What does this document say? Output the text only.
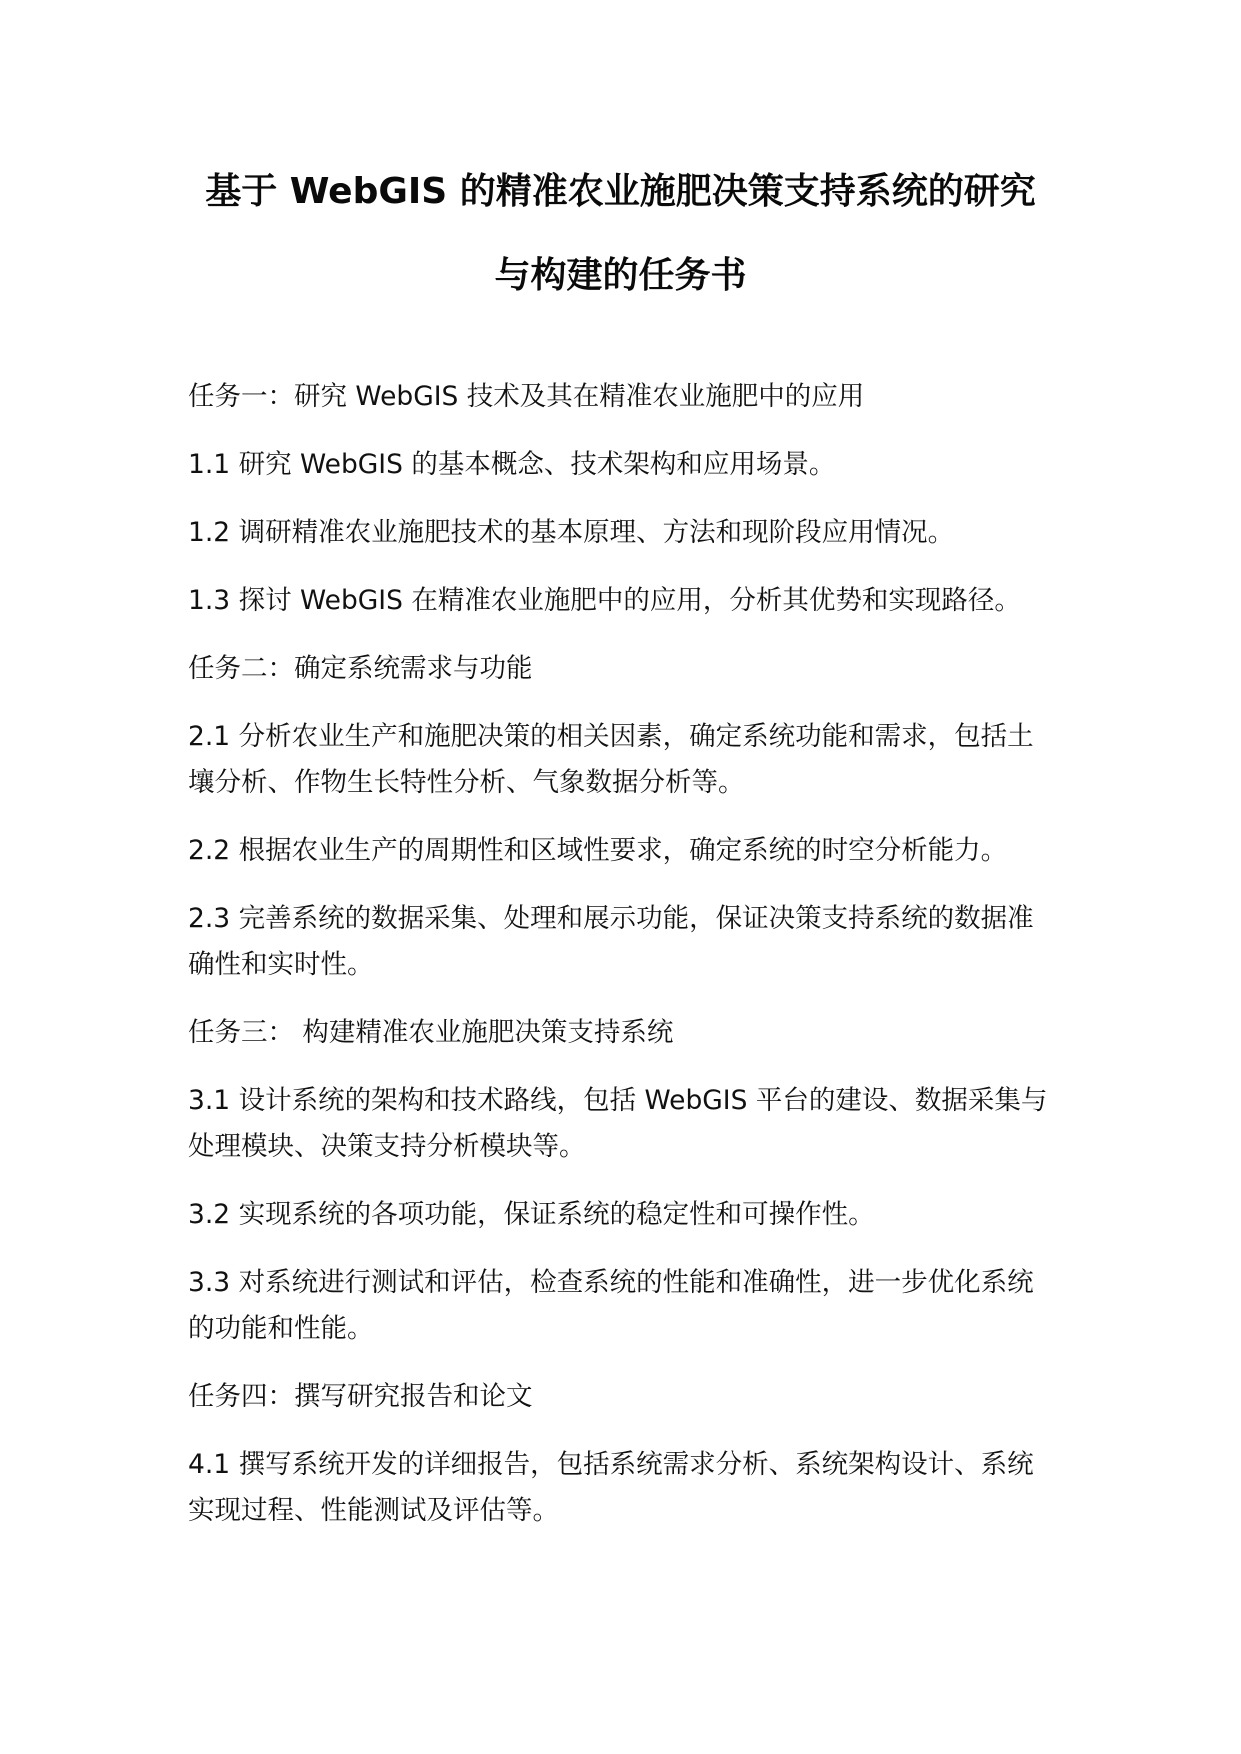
基于 WebGIS 的精准农业施肥决策支持系统的研究
与构建的任务书

任务一：研究 WebGIS 技术及其在精准农业施肥中的应用

1.1 研究 WebGIS 的基本概念、技术架构和应用场景。

1.2 调研精准农业施肥技术的基本原理、方法和现阶段应用情况。

1.3 探讨 WebGIS 在精准农业施肥中的应用，分析其优势和实现路径。

任务二：确定系统需求与功能

2.1 分析农业生产和施肥决策的相关因素，确定系统功能和需求，包括土壤分析、作物生长特性分析、气象数据分析等。

2.2 根据农业生产的周期性和区域性要求，确定系统的时空分析能力。

2.3 完善系统的数据采集、处理和展示功能，保证决策支持系统的数据准确性和实时性。

任务三： 构建精准农业施肥决策支持系统

3.1 设计系统的架构和技术路线，包括 WebGIS 平台的建设、数据采集与处理模块、决策支持分析模块等。

3.2 实现系统的各项功能，保证系统的稳定性和可操作性。

3.3 对系统进行测试和评估，检查系统的性能和准确性，进一步优化系统的功能和性能。

任务四：撰写研究报告和论文

4.1 撰写系统开发的详细报告，包括系统需求分析、系统架构设计、系统实现过程、性能测试及评估等。
